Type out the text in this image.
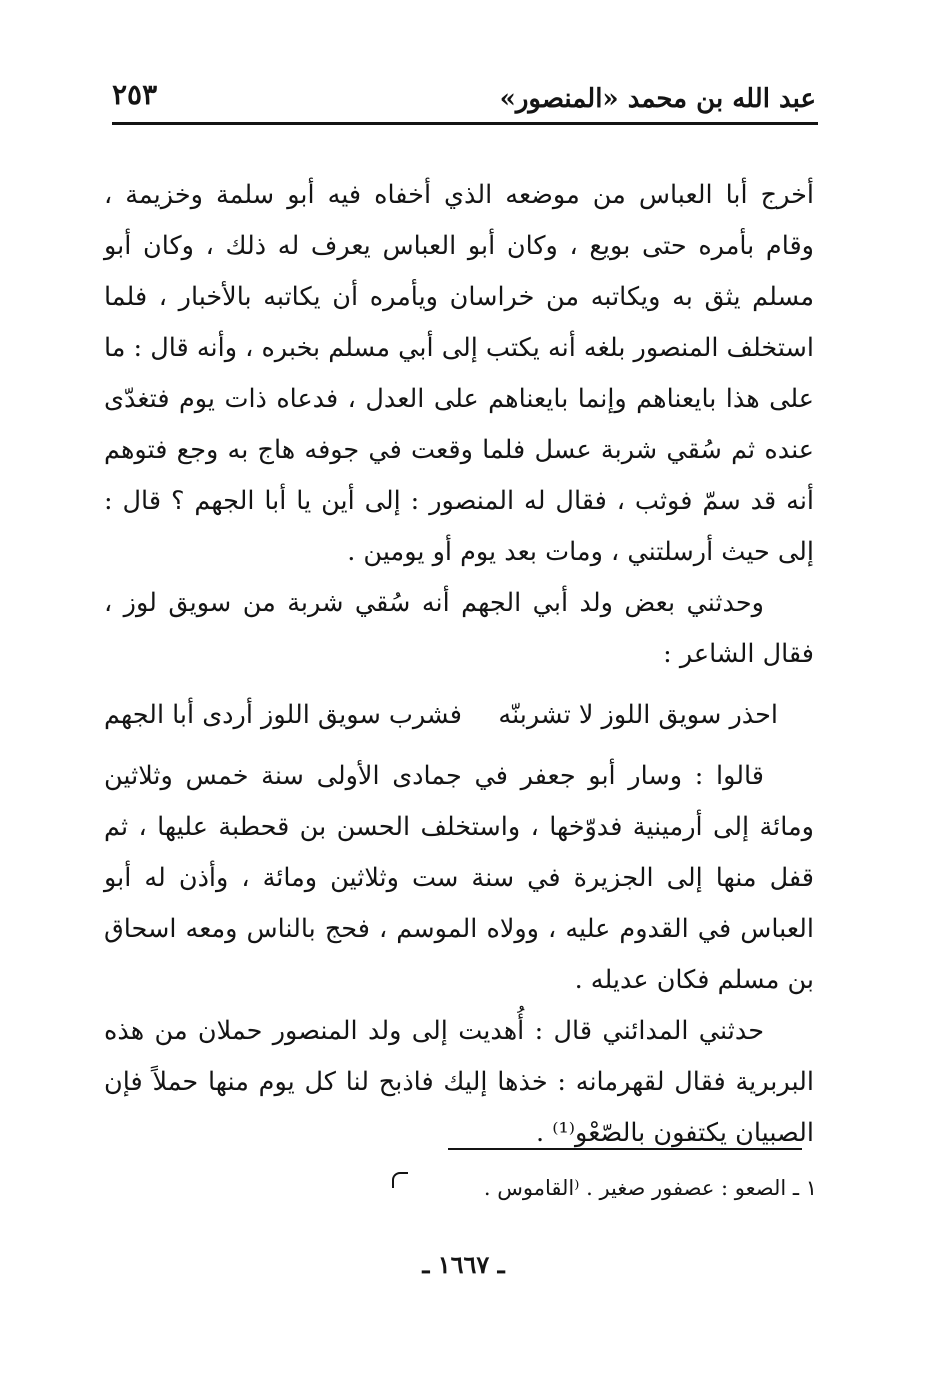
٢٥٣	عبد الله بن محمد «المنصور»

أخرج أبا العباس من موضعه الذي أخفاه فيه أبو سلمة وخزيمة ، وقام بأمره حتى بويع ، وكان أبو العباس يعرف له ذلك ، وكان أبو مسلم يثق به ويكاتبه من خراسان ويأمره أن يكاتبه بالأخبار ، فلما استخلف المنصور بلغه أنه يكتب إلى أبي مسلم بخبره ، وأنه قال : ما على هذا بايعناهم وإنما بايعناهم على العدل ، فدعاه ذات يوم فتغدّى عنده ثم سُقي شربة عسل فلما وقعت في جوفه هاج به وجع فتوهم أنه قد سمّ فوثب ، فقال له المنصور : إلى أين يا أبا الجهم ؟ قال : إلى حيث أرسلتني ، ومات بعد يوم أو يومين .

وحدثني بعض ولد أبي الجهم أنه سُقي شربة من سويق لوز ، فقال الشاعر :

احذر سويق اللوز لا تشربنّه
فشرب سويق اللوز أردى أبا الجهم

قالوا : وسار أبو جعفر في جمادى الأولى سنة خمس وثلاثين ومائة إلى أرمينية فدوّخها ، واستخلف الحسن بن قحطبة عليها ، ثم قفل منها إلى الجزيرة في سنة ست وثلاثين ومائة ، وأذن له أبو العباس في القدوم عليه ، وولاه الموسم ، فحج بالناس ومعه اسحاق بن مسلم فكان عديله .

حدثني المدائني قال : أُهديت إلى ولد المنصور حملان من هذه البربرية فقال لقهرمانه : خذها إليك فاذبح لنا كل يوم منها حملاً فإن الصبيان يكتفون بالصّعْو⁽¹⁾ .

١ ـ الصعو : عصفور صغير . ⁽القاموس .
ـ ١٦٦٧ ـ
